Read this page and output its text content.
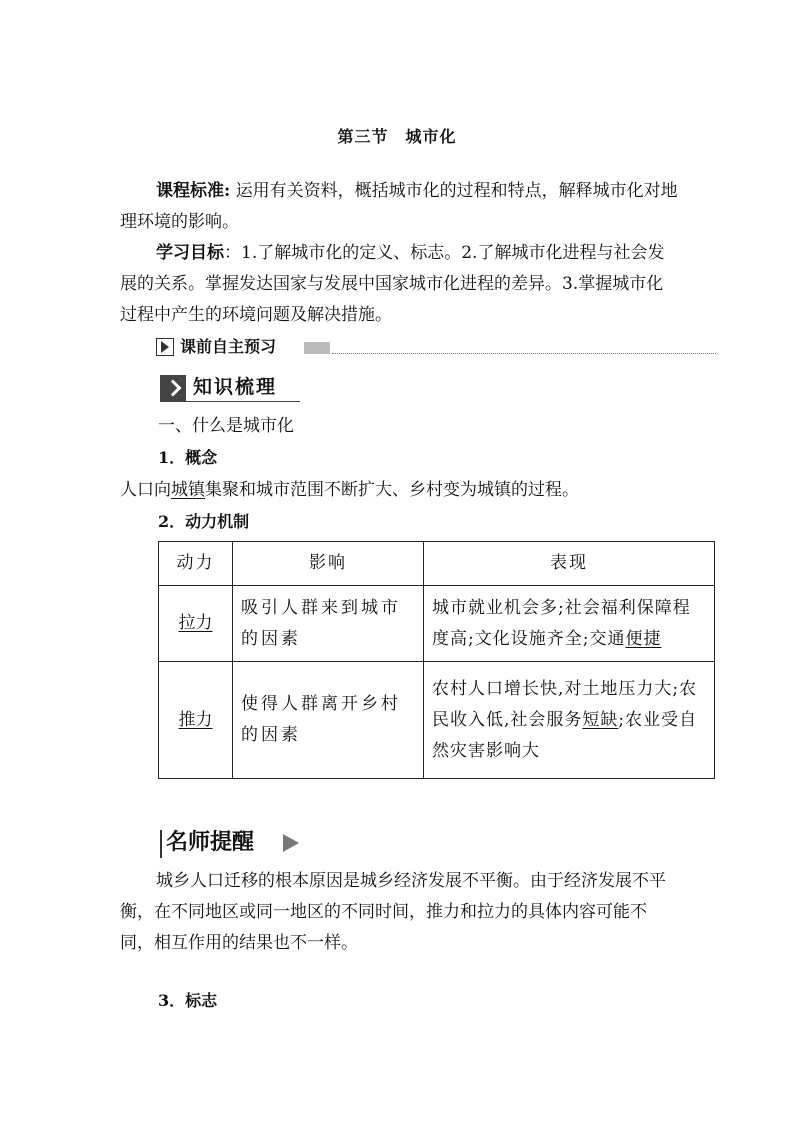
第三节　城市化
课程标准: 运用有关资料，概括城市化的过程和特点，解释城市化对地理环境的影响。
学习目标：1.了解城市化的定义、标志。2.了解城市化进程与社会发展的关系。掌握发达国家与发展中国家城市化进程的差异。3.掌握城市化过程中产生的环境问题及解决措施。
课前自主预习
知识梳理
一、什么是城市化
1．概念
人口向城镇集聚和城市范围不断扩大、乡村变为城镇的过程。
2．动力机制
动力	影响	表现
拉力	吸引人群来到城市的因素	城市就业机会多;社会福利保障程度高;文化设施齐全;交通便捷
推力	使得人群离开乡村的因素	农村人口增长快,对土地压力大;农民收入低,社会服务短缺;农业受自然灾害影响大
名师提醒
城乡人口迁移的根本原因是城乡经济发展不平衡。由于经济发展不平衡，在不同地区或同一地区的不同时间，推力和拉力的具体内容可能不同，相互作用的结果也不一样。
3．标志
